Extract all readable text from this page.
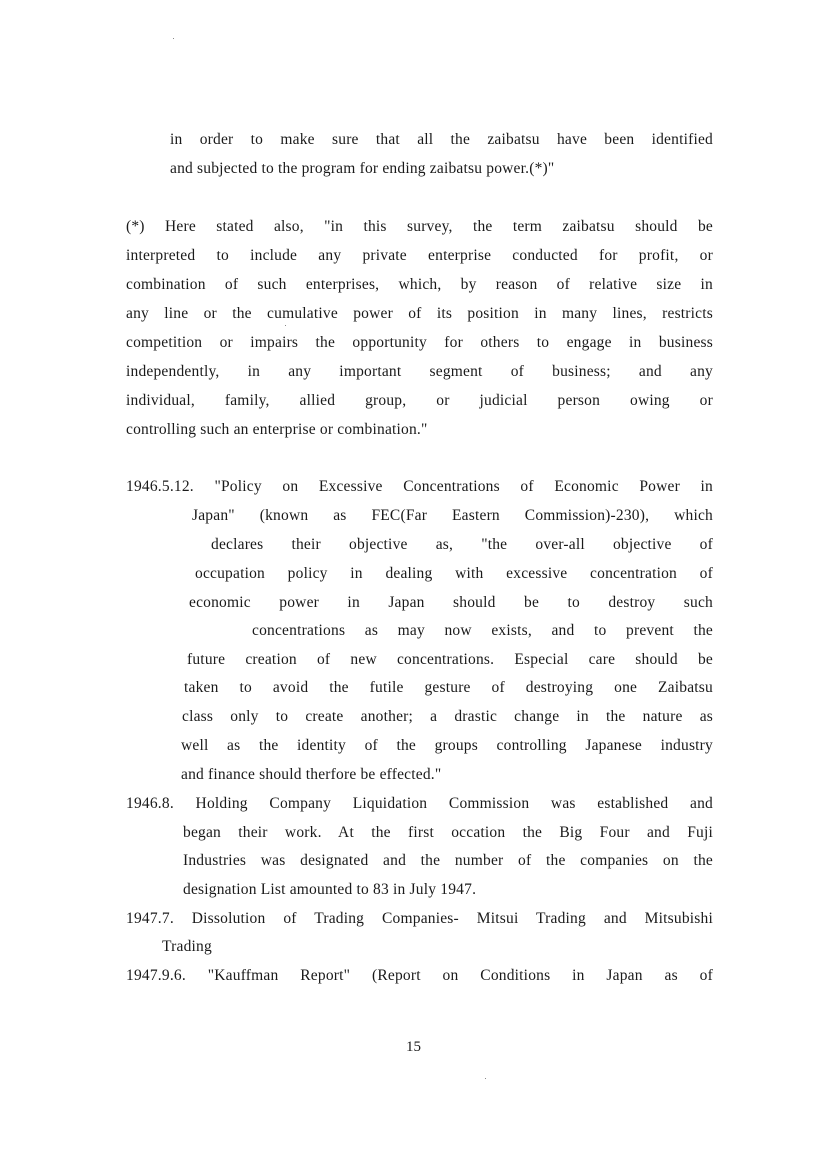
in order to make sure that all the zaibatsu have been identified
and subjected to the program for ending zaibatsu power.(*)"
(*) Here stated also, "in this survey, the term zaibatsu should be
interpreted to include any private enterprise conducted for profit, or
combination of such enterprises, which, by reason of relative size in
any line or the cumulative power of its position in many lines, restricts
competition or impairs the opportunity for others to engage in business
independently, in any important segment of business; and any
individual, family, allied group, or judicial person owing or
controlling such an enterprise or combination."
1946.5.12. "Policy on Excessive Concentrations of Economic Power in
Japan" (known as FEC(Far Eastern Commission)-230), which
declares their objective as, "the over-all objective of
occupation policy in dealing with excessive concentration of
economic power in Japan should be to destroy such
concentrations as may now exists, and to prevent the
future creation of new concentrations. Especial care should be
taken to avoid the futile gesture of destroying one Zaibatsu
class only to create another; a drastic change in the nature as
well as the identity of the groups controlling Japanese industry
and finance should therfore be effected."
1946.8. Holding Company Liquidation Commission was established and
began their work. At the first occation the Big Four and Fuji
Industries was designated and the number of the companies on the
designation List amounted to 83 in July 1947.
1947.7. Dissolution of Trading Companies- Mitsui Trading and Mitsubishi
Trading
1947.9.6. "Kauffman Report" (Report on Conditions in Japan as of
15
